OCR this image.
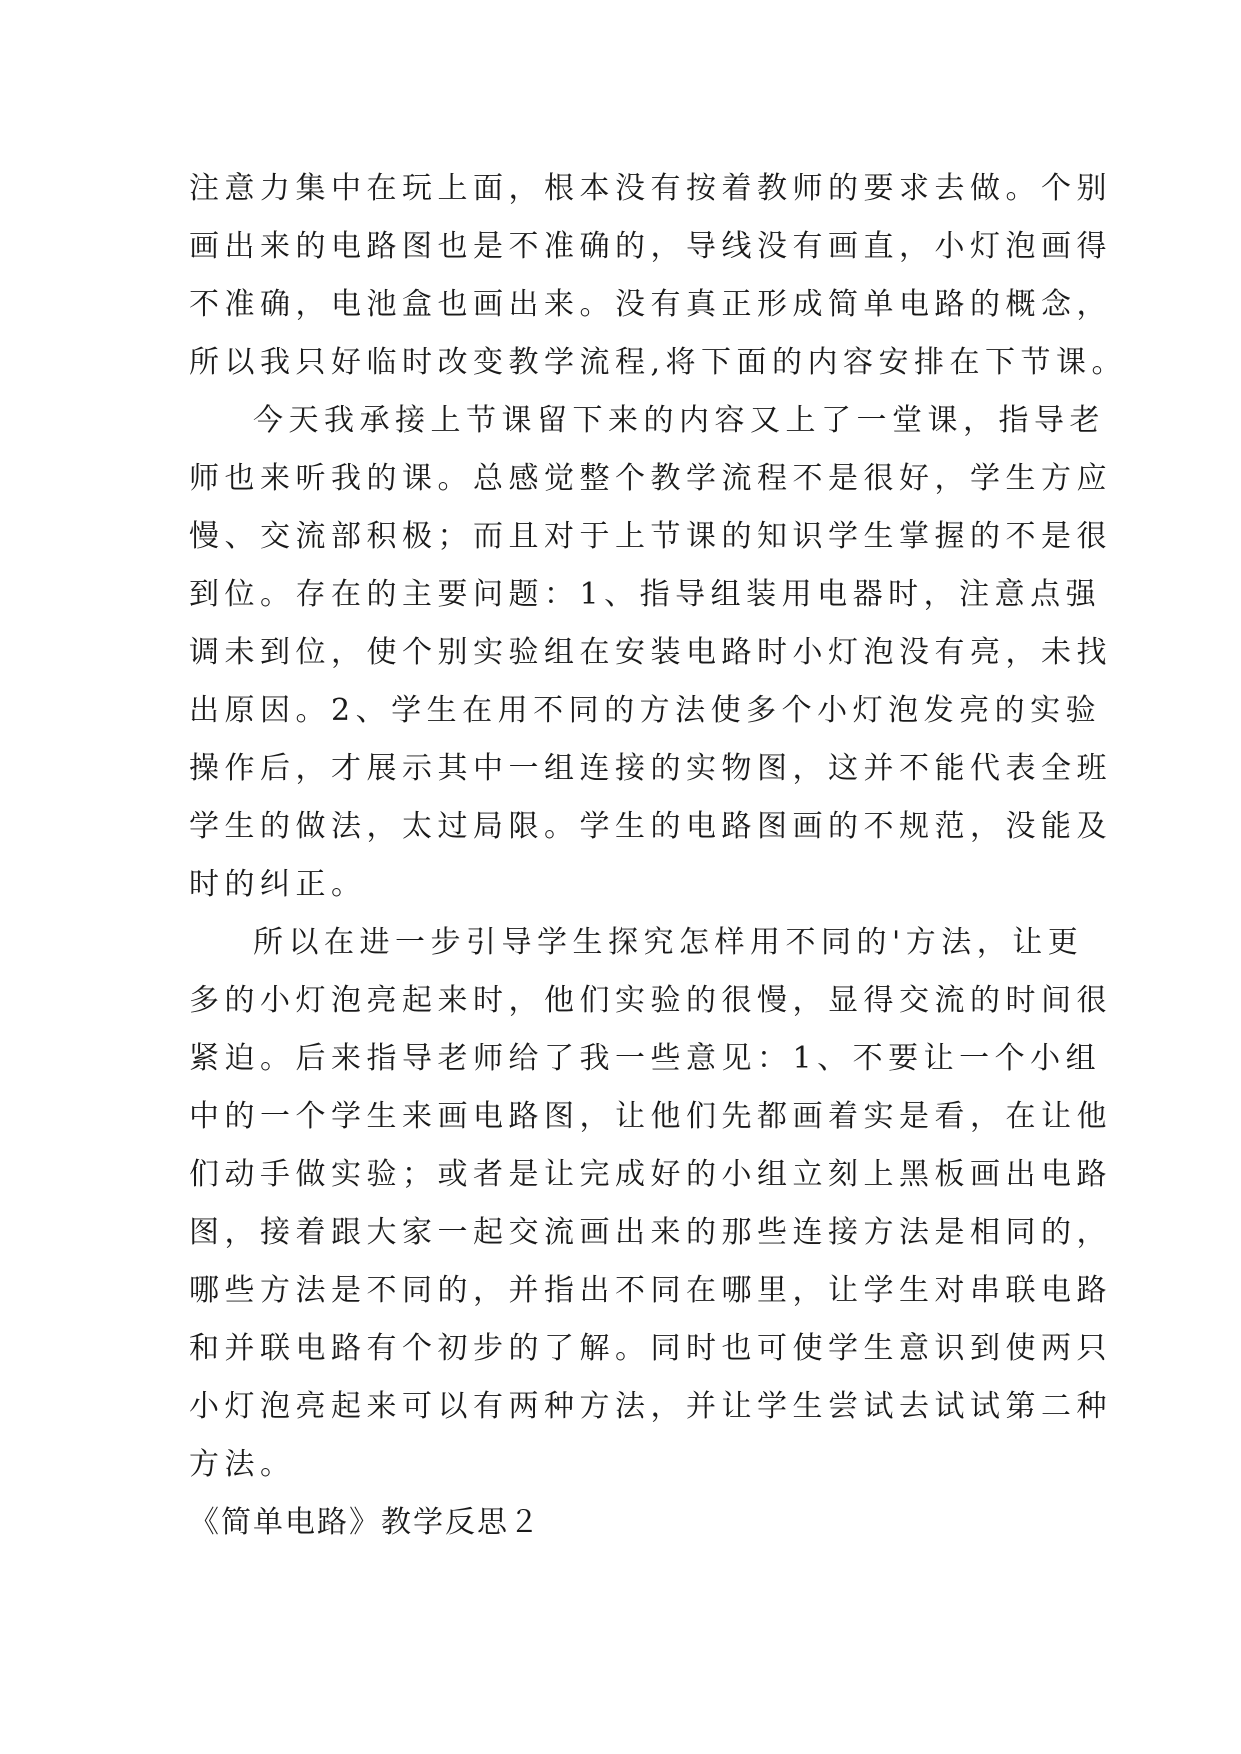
注意力集中在玩上面，根本没有按着教师的要求去做。个别
画出来的电路图也是不准确的，导线没有画直，小灯泡画得
不准确，电池盒也画出来。没有真正形成简单电路的概念，
所以我只好临时改变教学流程,将下面的内容安排在下节课。
今天我承接上节课留下来的内容又上了一堂课，指导老
师也来听我的课。总感觉整个教学流程不是很好，学生方应
慢、交流部积极；而且对于上节课的知识学生掌握的不是很
到位。存在的主要问题：1、指导组装用电器时，注意点强
调未到位，使个别实验组在安装电路时小灯泡没有亮，未找
出原因。2、学生在用不同的方法使多个小灯泡发亮的实验
操作后，才展示其中一组连接的实物图，这并不能代表全班
学生的做法，太过局限。学生的电路图画的不规范，没能及
时的纠正。
所以在进一步引导学生探究怎样用不同的'方法，让更
多的小灯泡亮起来时，他们实验的很慢，显得交流的时间很
紧迫。后来指导老师给了我一些意见：1、不要让一个小组
中的一个学生来画电路图，让他们先都画着实是看，在让他
们动手做实验；或者是让完成好的小组立刻上黑板画出电路
图，接着跟大家一起交流画出来的那些连接方法是相同的，
哪些方法是不同的，并指出不同在哪里，让学生对串联电路
和并联电路有个初步的了解。同时也可使学生意识到使两只
小灯泡亮起来可以有两种方法，并让学生尝试去试试第二种
方法。
《简单电路》教学反思２
